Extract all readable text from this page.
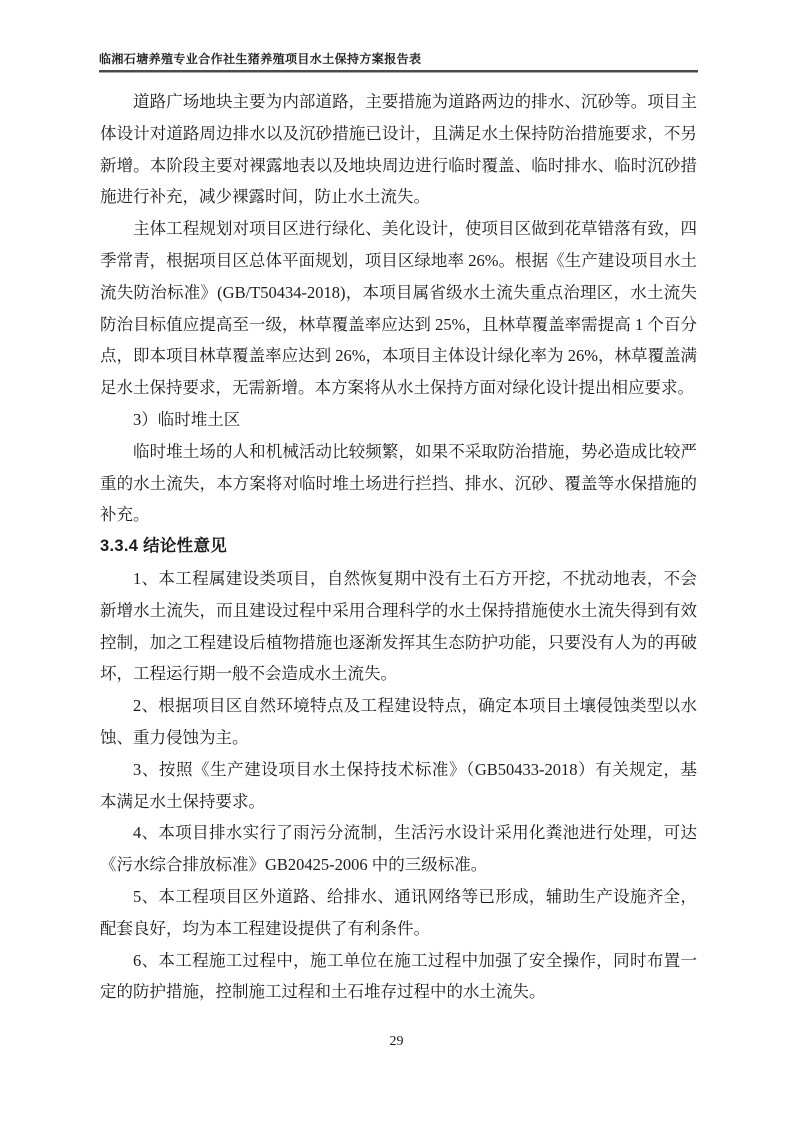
临湘石塘养殖专业合作社生猪养殖项目水土保持方案报告表

道路广场地块主要为内部道路，主要措施为道路两边的排水、沉砂等。项目主体设计对道路周边排水以及沉砂措施已设计，且满足水土保持防治措施要求，不另新增。本阶段主要对裸露地表以及地块周边进行临时覆盖、临时排水、临时沉砂措施进行补充，减少裸露时间，防止水土流失。

主体工程规划对项目区进行绿化、美化设计，使项目区做到花草错落有致，四季常青，根据项目区总体平面规划，项目区绿地率 26%。根据《生产建设项目水土流失防治标准》(GB/T50434-2018)，本项目属省级水土流失重点治理区，水土流失防治目标值应提高至一级，林草覆盖率应达到 25%，且林草覆盖率需提高 1 个百分点，即本项目林草覆盖率应达到 26%，本项目主体设计绿化率为 26%，林草覆盖满足水土保持要求，无需新增。本方案将从水土保持方面对绿化设计提出相应要求。

3）临时堆土区

临时堆土场的人和机械活动比较频繁，如果不采取防治措施，势必造成比较严重的水土流失，本方案将对临时堆土场进行拦挡、排水、沉砂、覆盖等水保措施的补充。

3.3.4 结论性意见

1、本工程属建设类项目，自然恢复期中没有土石方开挖，不扰动地表，不会新增水土流失，而且建设过程中采用合理科学的水土保持措施使水土流失得到有效控制，加之工程建设后植物措施也逐渐发挥其生态防护功能，只要没有人为的再破坏，工程运行期一般不会造成水土流失。

2、根据项目区自然环境特点及工程建设特点，确定本项目土壤侵蚀类型以水蚀、重力侵蚀为主。

3、按照《生产建设项目水土保持技术标准》（GB50433-2018）有关规定，基本满足水土保持要求。

4、本项目排水实行了雨污分流制，生活污水设计采用化粪池进行处理，可达《污水综合排放标准》GB20425-2006 中的三级标准。

5、本工程项目区外道路、给排水、通讯网络等已形成，辅助生产设施齐全，配套良好，均为本工程建设提供了有利条件。

6、本工程施工过程中，施工单位在施工过程中加强了安全操作，同时布置一定的防护措施，控制施工过程和土石堆存过程中的水土流失。

29
